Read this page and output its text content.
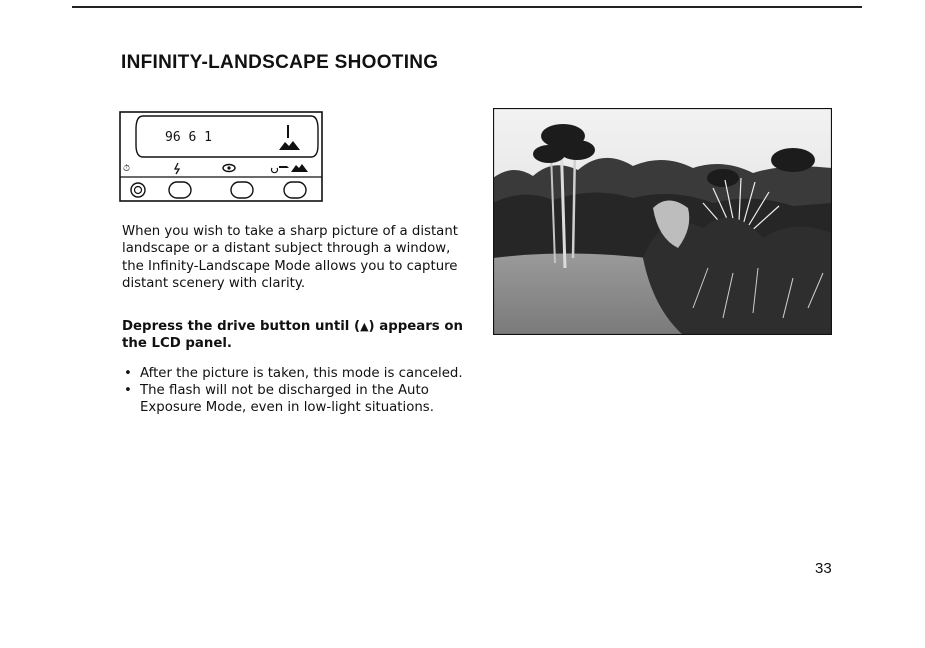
INFINITY-LANDSCAPE SHOOTING
96 6 1
⏱

When you wish to take a sharp picture of a distant landscape or a distant subject through a window, the Infinity-Landscape Mode allows you to capture distant scenery with clarity.

Depress the drive button until (▲) appears on the LCD panel.

• After the picture is taken, this mode is canceled.
• The flash will not be discharged in the Auto Exposure Mode, even in low-light situations.
33
